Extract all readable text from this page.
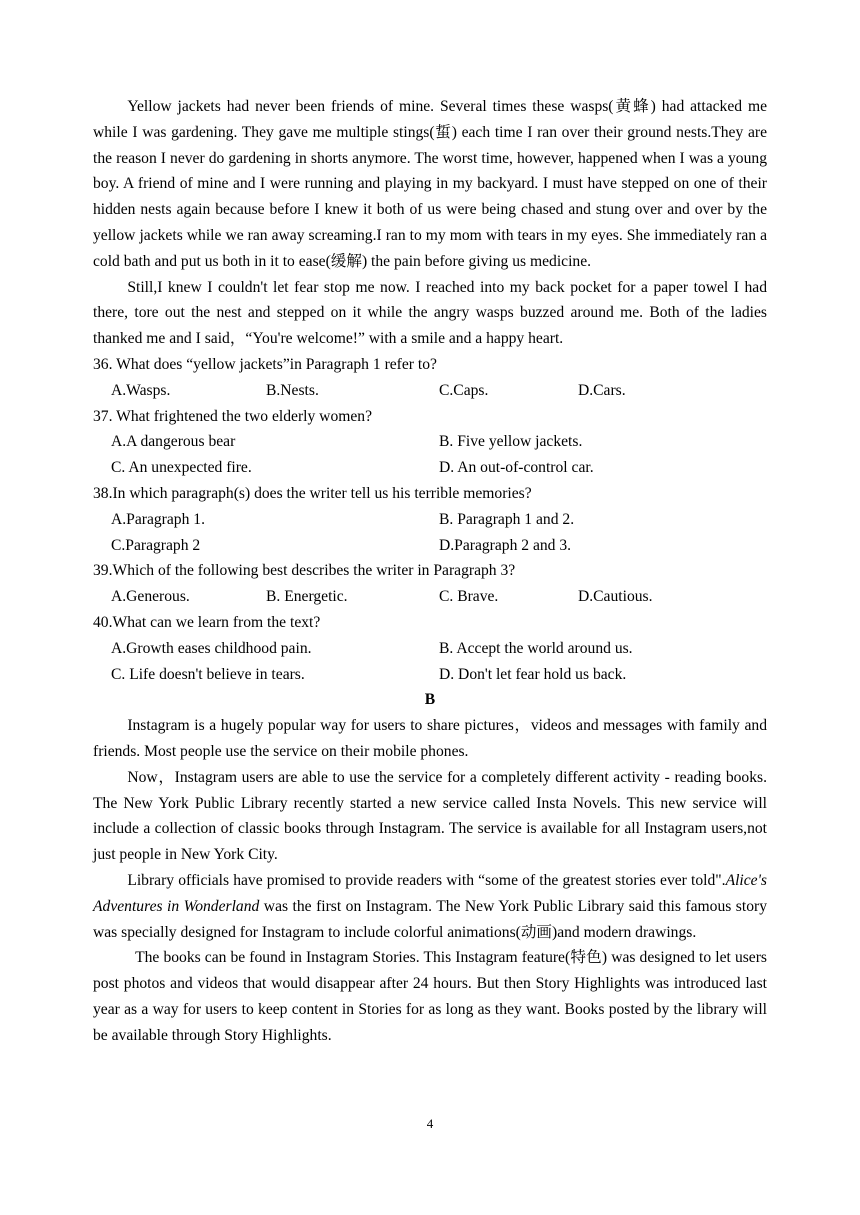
Yellow jackets had never been friends of mine. Several times these wasps(黄蜂) had attacked me while I was gardening. They gave me multiple stings(蜇) each time I ran over their ground nests.They are the reason I never do gardening in shorts anymore. The worst time, however, happened when I was a young boy. A friend of mine and I were running and playing in my backyard. I must have stepped on one of their hidden nests again because before I knew it both of us were being chased and stung over and over by the yellow jackets while we ran away screaming.I ran to my mom with tears in my eyes. She immediately ran a cold bath and put us both in it to ease(缓解) the pain before giving us medicine.

Still,I knew I couldn't let fear stop me now. I reached into my back pocket for a paper towel I had there, tore out the nest and stepped on it while the angry wasps buzzed around me. Both of the ladies thanked me and I said，“You're welcome!” with a smile and a happy heart.

36. What does “yellow jackets”in Paragraph 1 refer to?

A.Wasps.	B.Nests.	C.Caps.	D.Cars.

37. What frightened the two elderly women?

A.A dangerous bear	B. Five yellow jackets.
C. An unexpected fire.	D. An out-of-control car.

38.In which paragraph(s) does the writer tell us his terrible memories?

A.Paragraph 1.	B. Paragraph 1 and 2.
C.Paragraph 2	D.Paragraph 2 and 3.

39.Which of the following best describes the writer in Paragraph 3?

A.Generous.	B. Energetic.	C. Brave.	D.Cautious.

40.What can we learn from the text?

A.Growth eases childhood pain.	B. Accept the world around us.
C. Life doesn't believe in tears.	D. Don't let fear hold us back.

B

Instagram is a hugely popular way for users to share pictures，videos and messages with family and friends. Most people use the service on their mobile phones.

Now，Instagram users are able to use the service for a completely different activity - reading books. The New York Public Library recently started a new service called Insta Novels. This new service will include a collection of classic books through Instagram. The service is available for all Instagram users,not just people in New York City.

Library officials have promised to provide readers with “some of the greatest stories ever told".Alice's Adventures in Wonderland was the first on Instagram. The New York Public Library said this famous story was specially designed for Instagram to include colorful animations(动画)and modern drawings.

The books can be found in Instagram Stories. This Instagram feature(特色) was designed to let users post photos and videos that would disappear after 24 hours. But then Story Highlights was introduced last year as a way for users to keep content in Stories for as long as they want. Books posted by the library will be available through Story Highlights.

4
